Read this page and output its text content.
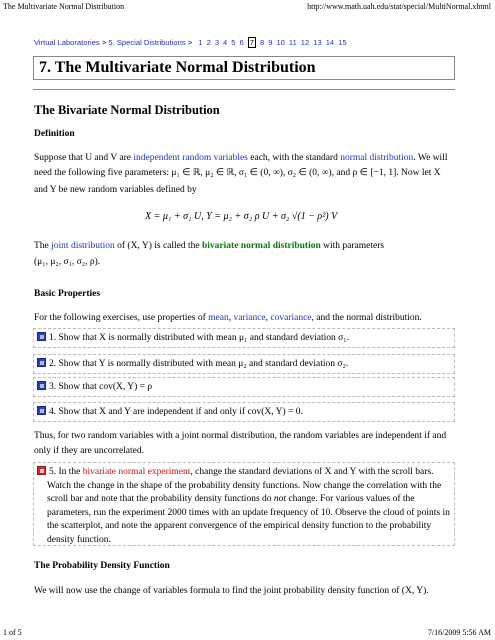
The Multivariate Normal Distribution	http://www.math.uah.edu/stat/special/MultiNormal.xhtml
Virtual Laboratories > 5. Special Distributions > 1 2 3 4 5 6 7 8 9 10 11 12 13 14 15
7. The Multivariate Normal Distribution
The Bivariate Normal Distribution
Definition
Suppose that U and V are independent random variables each, with the standard normal distribution. We will
need the following five parameters: μ₁ ∈ ℝ, μ₂ ∈ ℝ, σ₁ ∈ (0, ∞), σ₂ ∈ (0, ∞), and ρ ∈ [−1, 1]. Now let X
and Y be new random variables defined by
X = μ₁ + σ₁ U, Y = μ₂ + σ₂ ρ U + σ₂ √(1 − ρ²) V
The joint distribution of (X, Y) is called the bivariate normal distribution with parameters
(μ₁, μ₂, σ₁, σ₂, ρ).
Basic Properties
For the following exercises, use properties of mean, variance, covariance, and the normal distribution.
1. Show that X is normally distributed with mean μ₁ and standard deviation σ₁.
2. Show that Y is normally distributed with mean μ₂ and standard deviation σ₂.
3. Show that cov(X, Y) = ρ
4. Show that X and Y are independent if and only if cov(X, Y) = 0.
Thus, for two random variables with a joint normal distribution, the random variables are independent if and
only if they are uncorrelated.
5. In the bivariate normal experiment, change the standard deviations of X and Y with the scroll bars.
Watch the change in the shape of the probability density functions. Now change the correlation with the
scroll bar and note that the probability density functions do not change. For various values of the
parameters, run the experiment 2000 times with an update frequency of 10. Observe the cloud of points in
the scatterplot, and note the apparent convergence of the empirical density function to the probability
density function.
The Probability Density Function
We will now use the change of variables formula to find the joint probability density function of (X, Y).
1 of 5	7/16/2009 5:56 AM
